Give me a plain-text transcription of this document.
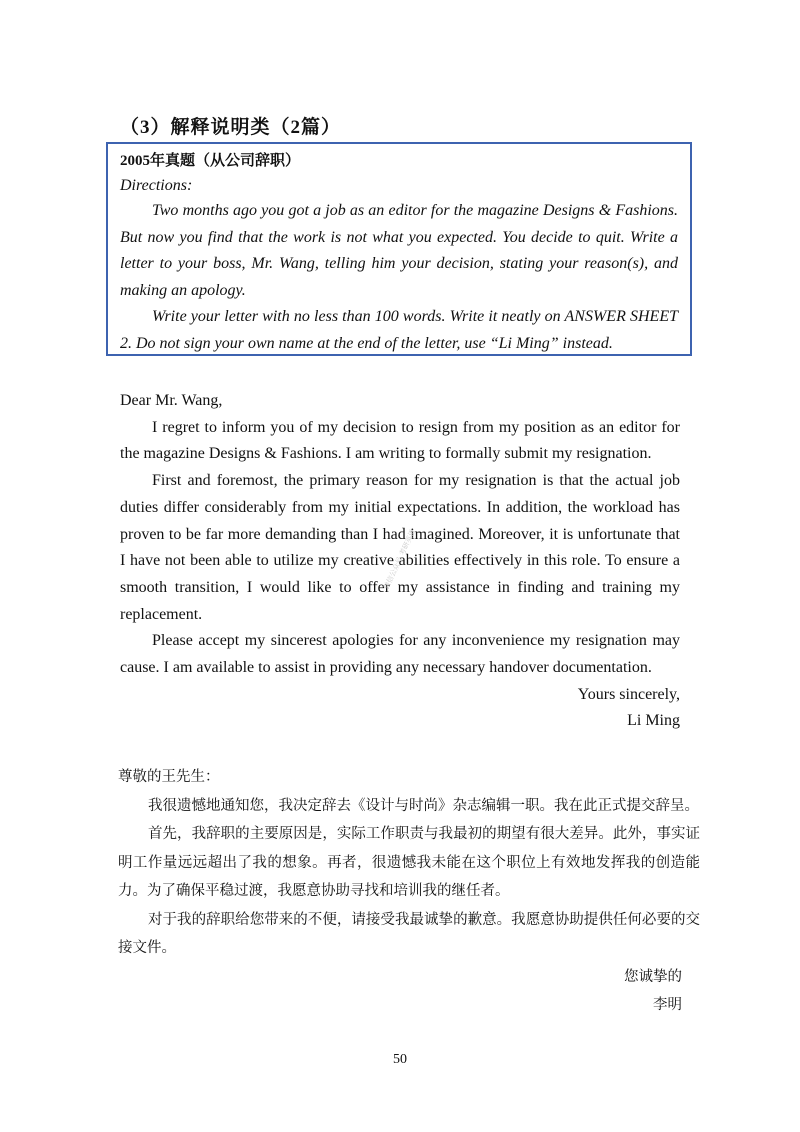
（3）解释说明类（2篇）

2005年真题（从公司辞职）

Directions:

Two months ago you got a job as an editor for the magazine Designs & Fashions. But now you find that the work is not what you expected. You decide to quit. Write a letter to your boss, Mr. Wang, telling him your decision, stating your reason(s), and making an apology.

Write your letter with no less than 100 words. Write it neatly on ANSWER SHEET 2. Do not sign your own name at the end of the letter, use “Li Ming” instead.

Dear Mr. Wang,

I regret to inform you of my decision to resign from my position as an editor for the magazine Designs & Fashions. I am writing to formally submit my resignation.

First and foremost, the primary reason for my resignation is that the actual job duties differ considerably from my initial expectations. In addition, the workload has proven to be far more demanding than I had imagined. Moreover, it is unfortunate that I have not been able to utilize my creative abilities effectively in this role. To ensure a smooth transition, I would like to offer my assistance in finding and training my replacement.

Please accept my sincerest apologies for any inconvenience my resignation may cause. I am available to assist in providing any necessary handover documentation.

Yours sincerely,

Li Ming

微信公众号 考研英语

尊敬的王先生：

我很遗憾地通知您，我决定辞去《设计与时尚》杂志编辑一职。我在此正式提交辞呈。

首先，我辞职的主要原因是，实际工作职责与我最初的期望有很大差异。此外，事实证明工作量远远超出了我的想象。再者，很遗憾我未能在这个职位上有效地发挥我的创造能力。为了确保平稳过渡，我愿意协助寻找和培训我的继任者。

对于我的辞职给您带来的不便，请接受我最诚挚的歉意。我愿意协助提供任何必要的交接文件。

您诚挚的

李明

50
